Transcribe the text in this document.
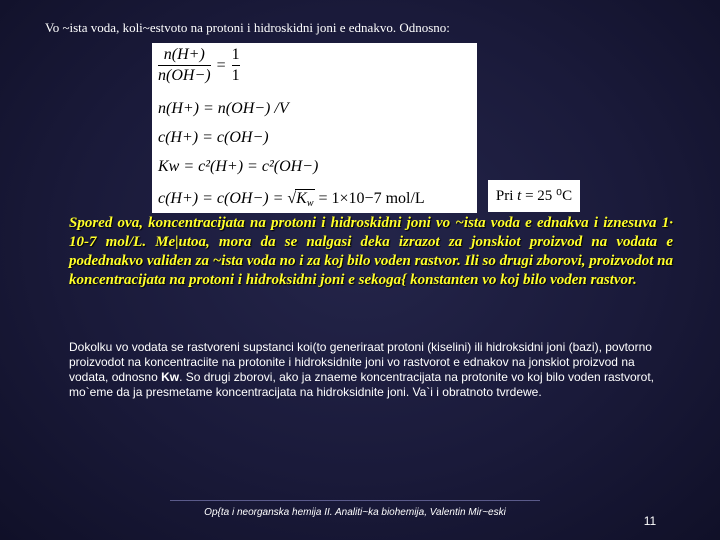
Vo ~ista voda, koli~estvoto na protoni i hidroskidni joni e ednakvo. Odnosno:
n(H+)
n(OH−)
=
1
1
n(H+) = n(OH−) /V
c(H+) = c(OH−)
Kw = c²(H+) = c²(OH−)
$c(H+) = c(OH-) = √K_w = 1\times 10-7$ mol/L	Pri t = 25 ⁰C
Spored ova, koncentracijata na protoni i hidroskidni joni vo ~ista voda e ednakva i iznesuva 1· 10-7 mol/L. Me|utoa, mora da se nalgasi deka izrazot za jonskiot proizvod na vodata e podednakvo validen za ~ista voda no i za koj bilo voden rastvor. Ili so drugi zborovi, proizvodot na koncentracijata na protoni i hidroksidni joni e sekoga{ konstanten vo koj bilo voden rastvor.
Dokolku vo vodata se rastvoreni supstanci koi(to generiraat protoni (kiselini) ili hidroksidni joni (bazi), povtorno proizvodot na koncentraciite na protonite i hidroksidnite joni vo rastvorot e ednakov na jonskiot proizvod na vodata, odnosno Kw. So drugi zborovi, ako ja znaeme koncentracijata na protonite vo koj bilo voden rastvorot, mo`eme da ja presmetame koncentracijata na hidroksidnite joni. Va`i i obratnoto tvrdewe.
Op{ta i neorganska hemija II. Analiti~ka biohemija, Valentin Mir~eski
11
